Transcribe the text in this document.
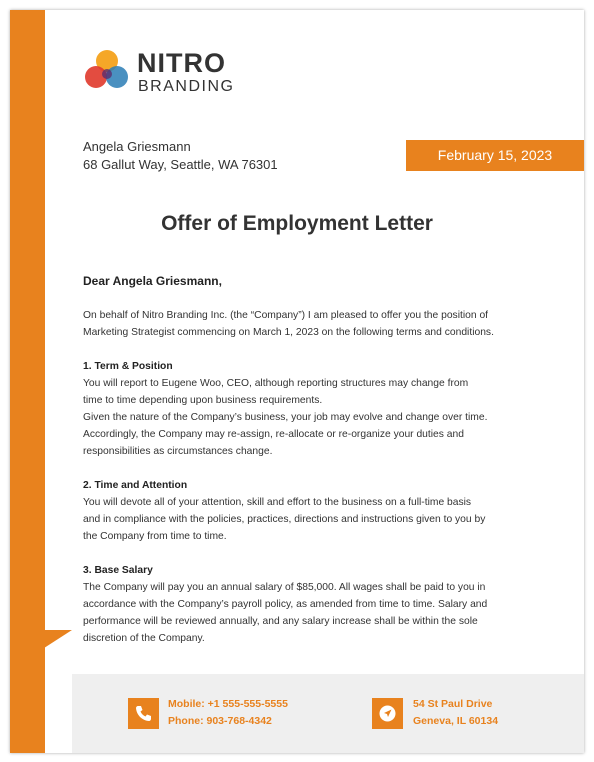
NITRO
BRANDING
Angela Griesmann
68 Gallut Way, Seattle, WA 76301
February 15, 2023
Offer of Employment Letter
Dear Angela Griesmann,

On behalf of Nitro Branding Inc. (the “Company”) I am pleased to offer you the position of

Marketing Strategist commencing on March 1, 2023 on the following terms and conditions.

1. Term & Position

You will report to Eugene Woo, CEO, although reporting structures may change from

time to time depending upon business requirements.

Given the nature of the Company’s business, your job may evolve and change over time.

Accordingly, the Company may re-assign, re-allocate or re-organize your duties and

responsibilities as circumstances change.

2. Time and Attention

You will devote all of your attention, skill and effort to the business on a full-time basis

and in compliance with the policies, practices, directions and instructions given to you by

the Company from time to time.

3. Base Salary

The Company will pay you an annual salary of $85,000. All wages shall be paid to you in

accordance with the Company’s payroll policy, as amended from time to time. Salary and

performance will be reviewed annually, and any salary increase shall be within the sole

discretion of the Company.

Mobile: +1 555-555-5555
Phone: 903-768-4342
54 St Paul Drive
Geneva, IL 60134
